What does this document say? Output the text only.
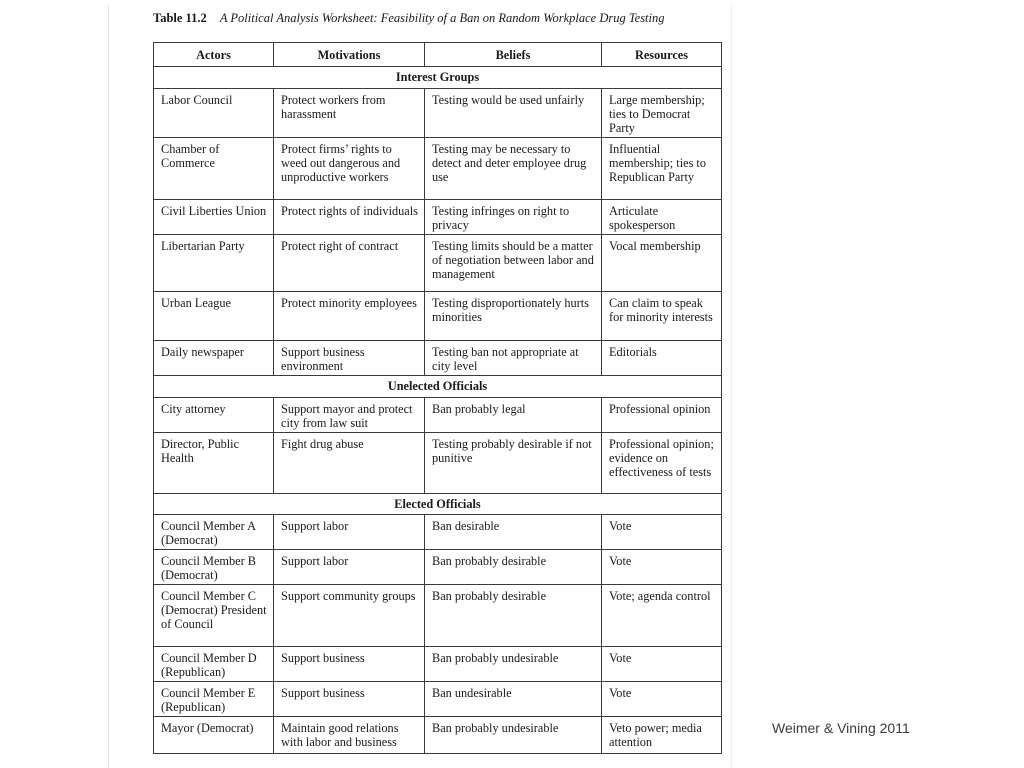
Table 11.2 A Political Analysis Worksheet: Feasibility of a Ban on Random Workplace Drug Testing
Actors	Motivations	Beliefs	Resources
Interest Groups			
Labor Council	Protect workers from harassment	Testing would be used unfairly	Large membership; ties to Democrat Party
Chamber of Commerce	Protect firms’ rights to weed out dangerous and unproductive workers	Testing may be necessary to detect and deter employee drug use	Influential membership; ties to Republican Party
Civil Liberties Union	Protect rights of individuals	Testing infringes on right to privacy	Articulate spokesperson
Libertarian Party	Protect right of contract	Testing limits should be a matter of negotiation between labor and management	Vocal membership
Urban League	Protect minority employees	Testing disproportionately hurts minorities	Can claim to speak for minority interests
Daily newspaper	Support business environment	Testing ban not appropriate at city level	Editorials
Unelected Officials			
City attorney	Support mayor and protect city from law suit	Ban probably legal	Professional opinion
Director, Public Health	Fight drug abuse	Testing probably desirable if not punitive	Professional opinion; evidence on effectiveness of tests
Elected Officials			
Council Member A (Democrat)	Support labor	Ban desirable	Vote
Council Member B (Democrat)	Support labor	Ban probably desirable	Vote
Council Member C (Democrat) President of Council	Support community groups	Ban probably desirable	Vote; agenda control
Council Member D (Republican)	Support business	Ban probably undesirable	Vote
Council Member E (Republican)	Support business	Ban undesirable	Vote
Mayor (Democrat)	Maintain good relations with labor and business	Ban probably undesirable	Veto power; media attention
Weimer & Vining 2011
